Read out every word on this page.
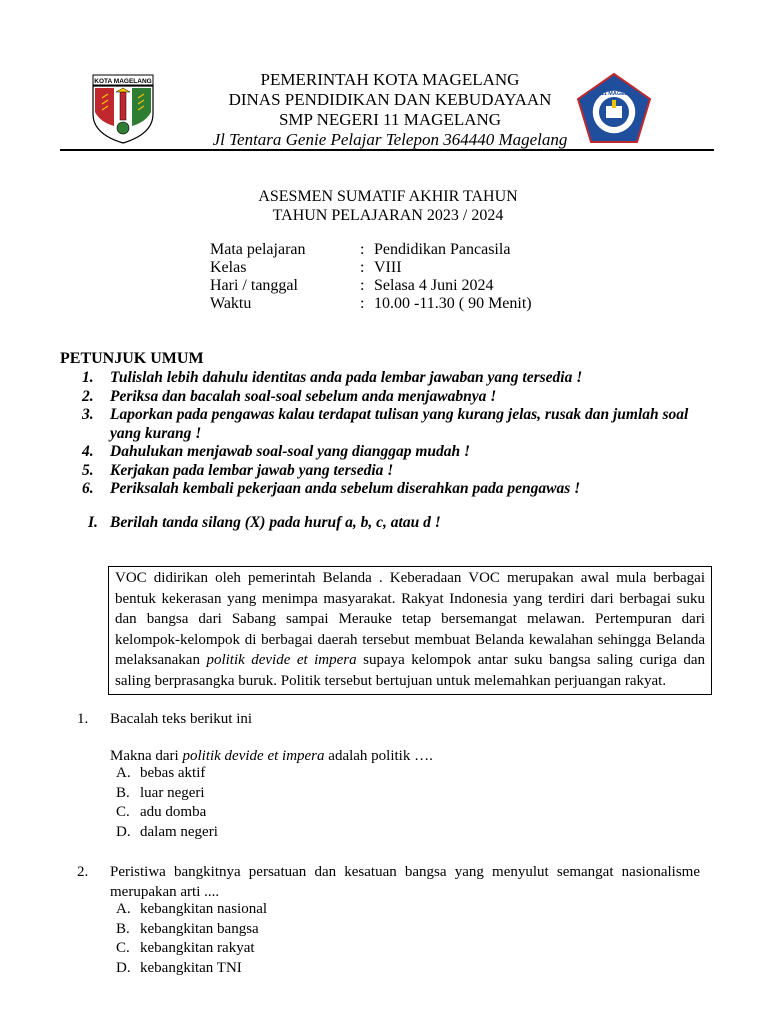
KOTA MAGELANG
SMP 11 MAGELANG
PEMERINTAH KOTA MAGELANG
DINAS PENDIDIKAN DAN KEBUDAYAAN
SMP NEGERI 11 MAGELANG
Jl Tentara Genie Pelajar Telepon 364440 Magelang
ASESMEN SUMATIF AKHIR TAHUN
TAHUN PELAJARAN 2023 / 2024
Mata pelajaran	: Pendidikan Pancasila
Kelas	: VIII
Hari / tanggal	: Selasa 4 Juni 2024
Waktu	: 10.00 -11.30 ( 90 Menit)
PETUNJUK UMUM
1.	Tulislah lebih dahulu identitas anda pada lembar jawaban yang tersedia !
2.	Periksa dan bacalah soal-soal sebelum anda menjawabnya !
3.	Laporkan pada pengawas kalau terdapat tulisan yang kurang jelas, rusak dan jumlah soal yang kurang !
4.	Dahulukan menjawab soal-soal yang dianggap mudah !
5.	Kerjakan pada lembar jawab yang tersedia !
6.	Periksalah kembali pekerjaan anda sebelum diserahkan pada pengawas !
I. Berilah tanda silang (X) pada huruf a, b, c, atau d !
VOC didirikan oleh pemerintah Belanda . Keberadaan VOC merupakan awal mula berbagai bentuk kekerasan yang menimpa masyarakat. Rakyat Indonesia yang terdiri dari berbagai suku dan bangsa dari Sabang sampai Merauke tetap bersemangat melawan. Pertempuran dari kelompok-kelompok di berbagai daerah tersebut membuat Belanda kewalahan sehingga Belanda melaksanakan politik devide et impera supaya kelompok antar suku bangsa saling curiga dan saling berprasangka buruk. Politik tersebut bertujuan untuk melemahkan perjuangan rakyat.
1. Bacalah teks berikut ini
Makna dari politik devide et impera adalah politik ….
A. bebas aktif
B. luar negeri
C. adu domba
D. dalam negeri
2. Peristiwa bangkitnya persatuan dan kesatuan bangsa yang menyulut semangat nasionalisme merupakan arti ....
A. kebangkitan nasional
B. kebangkitan bangsa
C. kebangkitan rakyat
D. kebangkitan TNI
